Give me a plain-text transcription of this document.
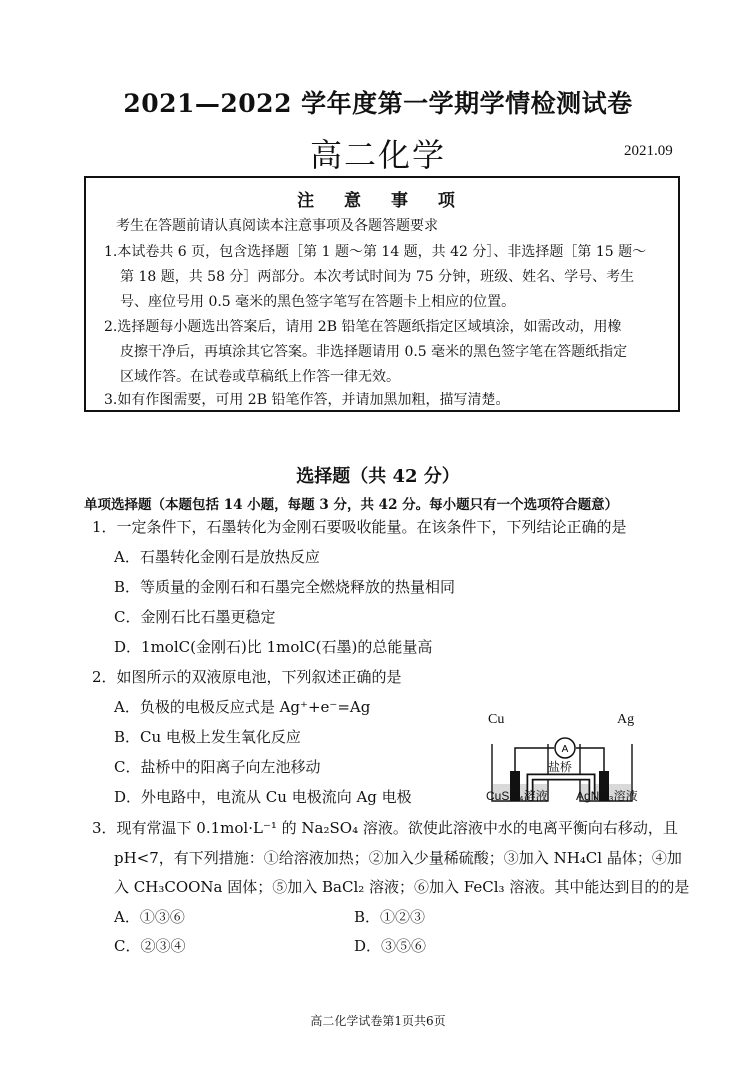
2021—2022 学年度第一学期学情检测试卷
高二化学	2021.09
注 意 事 项
考生在答题前请认真阅读本注意事项及各题答题要求
1.本试卷共 6 页，包含选择题［第 1 题～第 14 题，共 42 分］、非选择题［第 15 题～
第 18 题，共 58 分］两部分。本次考试时间为 75 分钟，班级、姓名、学号、考生
号、座位号用 0.5 毫米的黑色签字笔写在答题卡上相应的位置。
2.选择题每小题选出答案后，请用 2B 铅笔在答题纸指定区域填涂，如需改动，用橡
皮擦干净后，再填涂其它答案。非选择题请用 0.5 毫米的黑色签字笔在答题纸指定
区域作答。在试卷或草稿纸上作答一律无效。
3.如有作图需要，可用 2B 铅笔作答，并请加黑加粗，描写清楚。
选择题（共 42 分）
单项选择题（本题包括 14 小题，每题 3 分，共 42 分。每小题只有一个选项符合题意）
1．一定条件下，石墨转化为金刚石要吸收能量。在该条件下，下列结论正确的是
A．石墨转化金刚石是放热反应
B．等质量的金刚石和石墨完全燃烧释放的热量相同
C．金刚石比石墨更稳定
D．1molC(金刚石)比 1molC(石墨)的总能量高
2．如图所示的双液原电池，下列叙述正确的是
A．负极的电极反应式是 Ag⁺+e⁻=Ag
B．Cu 电极上发生氧化反应
C．盐桥中的阳离子向左池移动
D．外电路中，电流从 Cu 电极流向 Ag 电极
A
Cu	Ag
盐桥
CuSO₄溶液 AgNO₃溶液
3．现有常温下 0.1mol·L⁻¹ 的 Na₂SO₄ 溶液。欲使此溶液中水的电离平衡向右移动，且
pH<7，有下列措施：①给溶液加热；②加入少量稀硫酸；③加入 NH₄Cl 晶体；④加
入 CH₃COONa 固体；⑤加入 BaCl₂ 溶液；⑥加入 FeCl₃ 溶液。其中能达到目的的是
A．①③⑥	B．①②③
C．②③④	D．③⑤⑥
高二化学试卷第1页共6页
